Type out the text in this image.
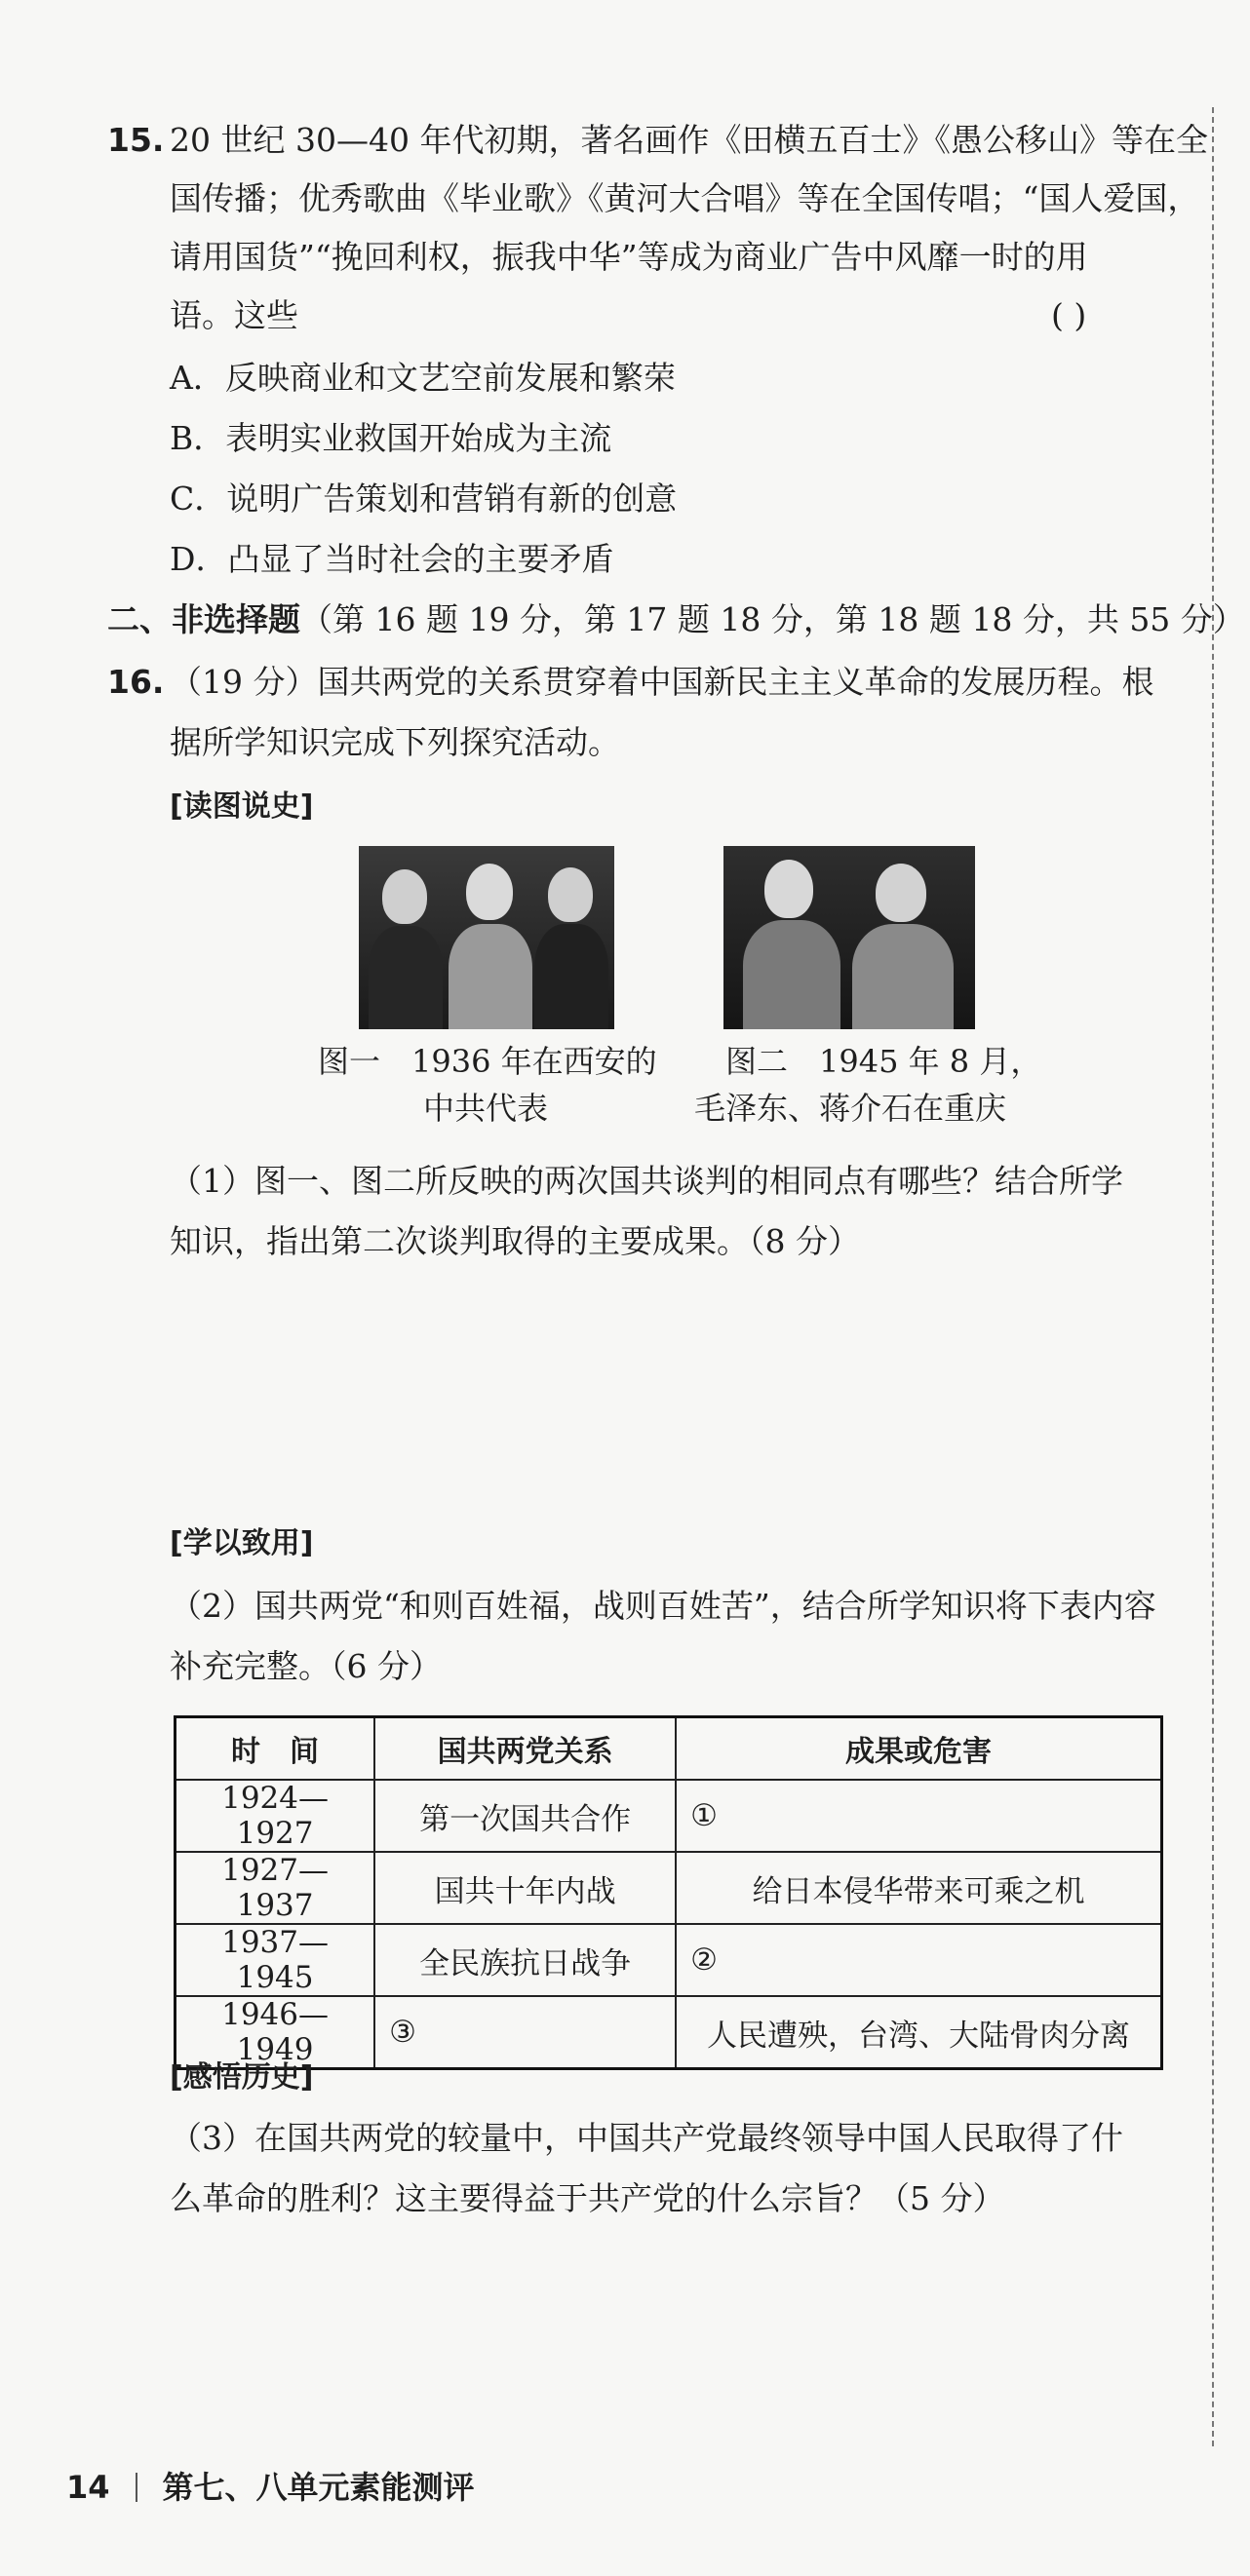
15. 20 世纪 30—40 年代初期，著名画作《田横五百士》《愚公移山》等在全
国传播；优秀歌曲《毕业歌》《黄河大合唱》等在全国传唱；“国人爱国，
请用国货”“挽回利权，振我中华”等成为商业广告中风靡一时的用
语。这些	( )
A．反映商业和文艺空前发展和繁荣
B．表明实业救国开始成为主流
C．说明广告策划和营销有新的创意
D．凸显了当时社会的主要矛盾
二、非选择题（第 16 题 19 分，第 17 题 18 分，第 18 题 18 分，共 55 分）
16. （19 分）国共两党的关系贯穿着中国新民主主义革命的发展历程。根
据所学知识完成下列探究活动。
[读图说史]
图一　1936 年在西安的
中共代表
图二　1945 年 8 月，
毛泽东、蒋介石在重庆
（1）图一、图二所反映的两次国共谈判的相同点有哪些？结合所学
知识，指出第二次谈判取得的主要成果。（8 分）
[学以致用]
（2）国共两党“和则百姓福，战则百姓苦”，结合所学知识将下表内容
补充完整。（6 分）
时　间	国共两党关系	成果或危害
1924—1927	第一次国共合作	①
1927—1937	国共十年内战	给日本侵华带来可乘之机
1937—1945	全民族抗日战争	②
1946—1949	③	人民遭殃，台湾、大陆骨肉分离
[感悟历史]
（3）在国共两党的较量中，中国共产党最终领导中国人民取得了什
么革命的胜利？这主要得益于共产党的什么宗旨？（5 分）
14 第七、八单元素能测评
